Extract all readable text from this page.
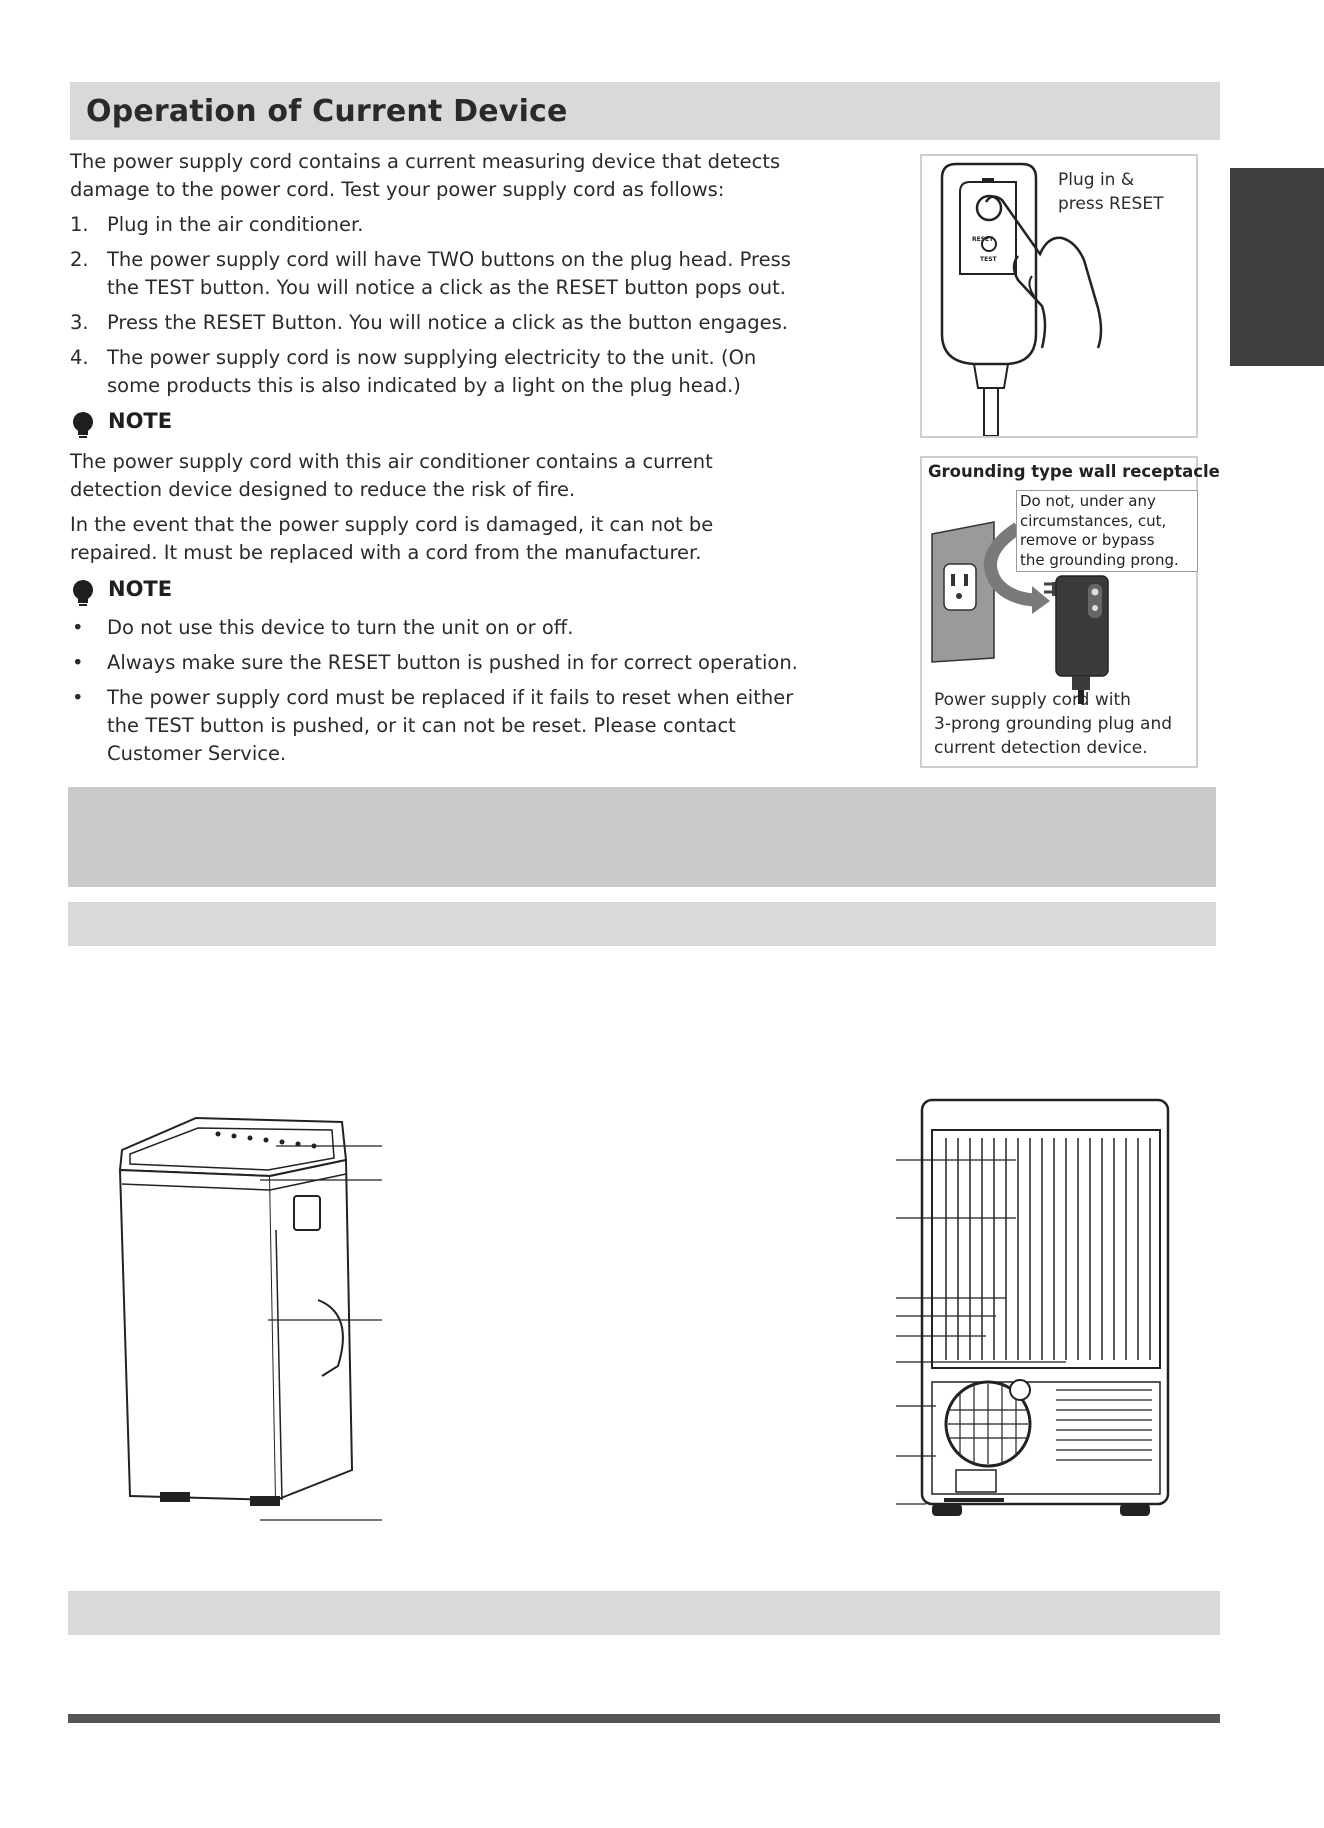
Operation of Current Device
The power supply cord contains a current measuring device that detects
damage to the power cord. Test your power supply cord as follows:
1. Plug in the air conditioner.
2. The power supply cord will have TWO buttons on the plug head. Press
the TEST button. You will notice a click as the RESET button pops out.
3. Press the RESET Button. You will notice a click as the button engages.
4. The power supply cord is now supplying electricity to the unit. (On
some products this is also indicated by a light on the plug head.)
NOTE
The power supply cord with this air conditioner contains a current
detection device designed to reduce the risk of fire.
In the event that the power supply cord is damaged, it can not be
repaired. It must be replaced with a cord from the manufacturer.
NOTE
• Do not use this device to turn the unit on or off.
• Always make sure the RESET button is pushed in for correct operation.
• The power supply cord must be replaced if it fails to reset when either
the TEST button is pushed, or it can not be reset. Please contact
Customer Service.
RESET
TEST
Plug in &
press RESET
Grounding type wall receptacle
Do not, under any
circumstances, cut,
remove or bypass
the grounding prong.
Power supply cord with
3-prong grounding plug and
current detection device.
